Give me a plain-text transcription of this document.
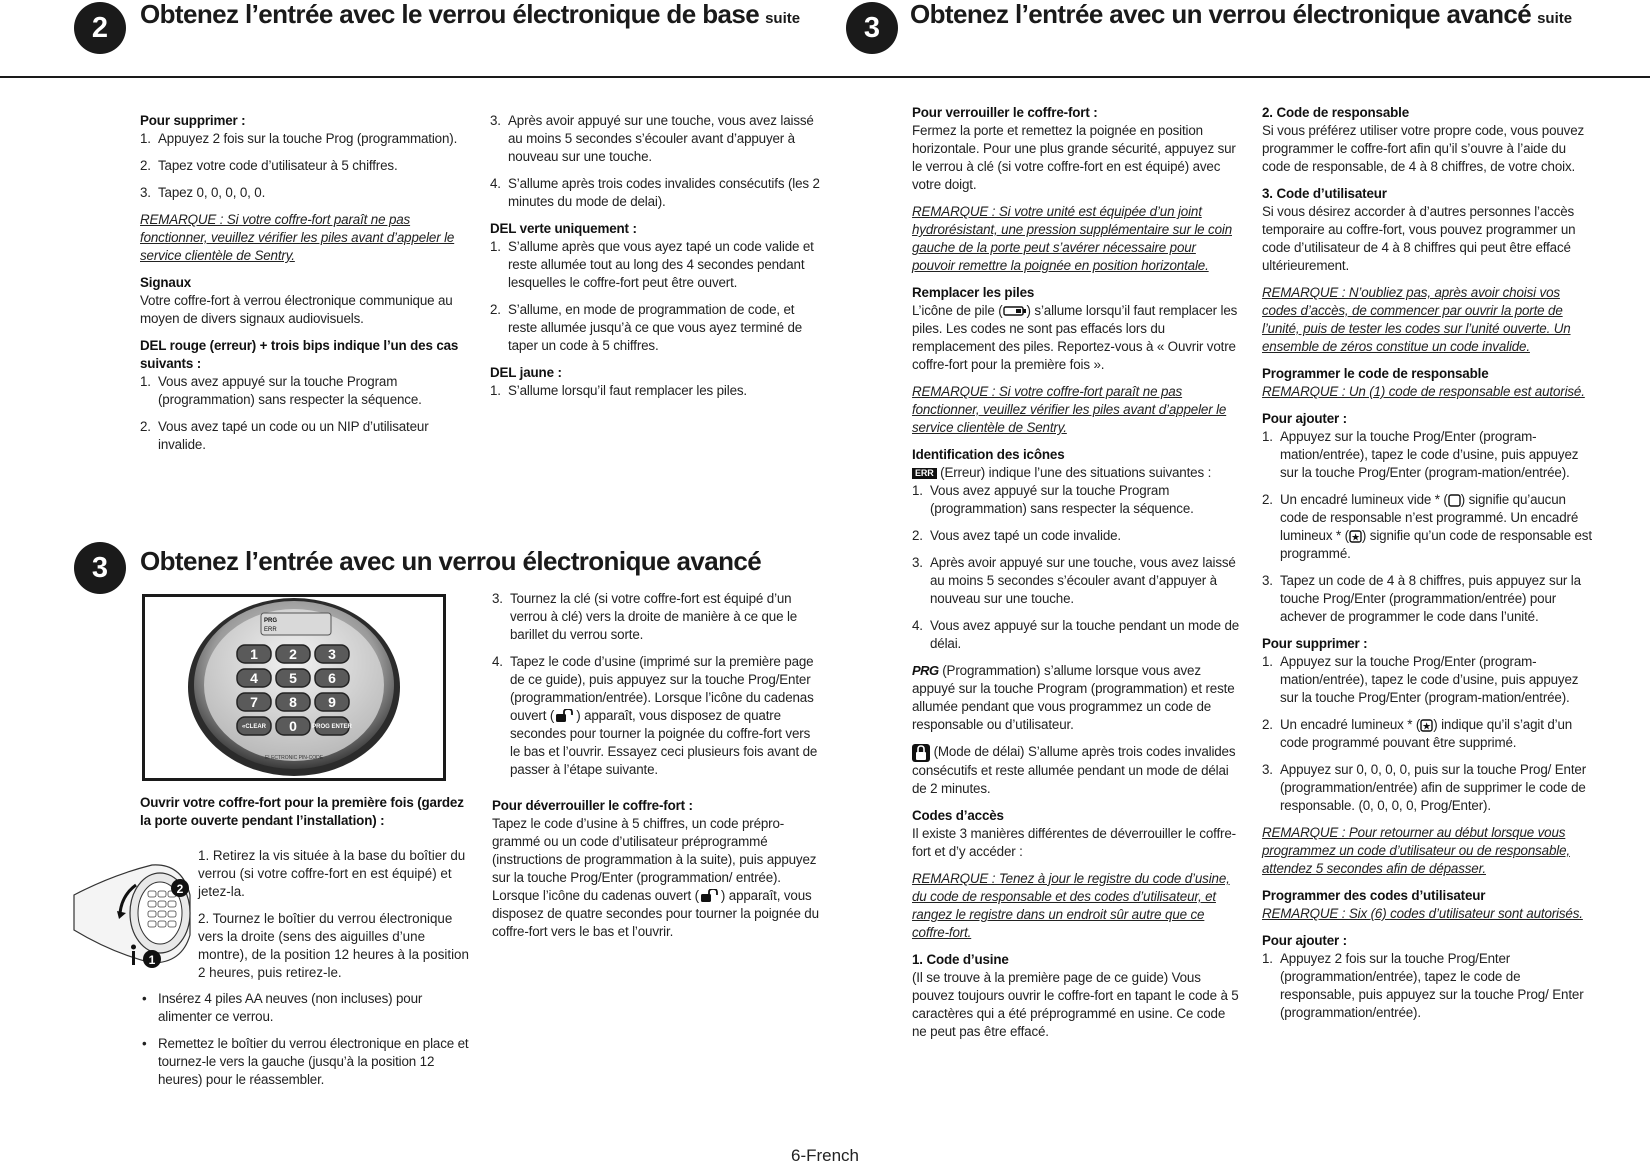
2	Obtenez l’entrée avec le verrou électronique de base suite	3	Obtenez l’entrée avec un verrou électronique avancé suite

Pour supprimer :

1. Appuyez 2 fois sur la touche Prog (programmation).
2. Tapez votre code d’utilisateur à 5 chiffres.
3. Tapez 0, 0, 0, 0, 0.

REMARQUE : Si votre coffre-fort paraît ne pas fonctionner, veuillez vérifier les piles avant d’appeler le service clientèle de Sentry.

Signaux

Votre coffre-fort à verrou électronique communique au moyen de divers signaux audiovisuels.

DEL rouge (erreur) + trois bips indique l’un des cas suivants :

1. Vous avez appuyé sur la touche Program (programmation) sans respecter la séquence.
2. Vous avez tapé un code ou un NIP d’utilisateur invalide.
3. Après avoir appuyé sur une touche, vous avez laissé au moins 5 secondes s’écouler avant d’appuyer à nouveau sur une touche.
4. S’allume après trois codes invalides consécutifs (les 2 minutes du mode de delai).

DEL verte uniquement :

1. S’allume après que vous ayez tapé un code valide et reste allumée tout au long des 4 secondes pendant lesquelles le coffre-fort peut être ouvert.
2. S’allume, en mode de programmation de code, et reste allumée jusqu’à ce que vous ayez terminé de taper un code à 5 chiffres.

DEL jaune :

1. S’allume lorsqu’il faut remplacer les piles.
3	Obtenez l’entrée avec un verrou électronique avancé
PRG
ERR
1 2 3
4 5 6
7 8 9
«CLEAR 0	PROG ENTER
ELECTRONIC PIN-CODE

Ouvrir votre coffre-fort pour la première fois (gardez la porte ouverte pendant l’installation) :

2
1

1. Retirez la vis située à la base du boîtier du verrou (si votre coffre-fort en est équipé) et jetez-la.

2. Tournez le boîtier du verrou électronique vers la droite (sens des aiguilles d’une montre), de la position 12 heures à la position 2 heures, puis retirez-le.

• Insérez 4 piles AA neuves (non incluses) pour alimenter ce verrou.
• Remettez le boîtier du verrou électronique en place et tournez-le vers la gauche (jusqu’à la position 12 heures) pour le réassembler.
3. Tournez la clé (si votre coffre-fort est équipé d’un verrou à clé) vers la droite de manière à ce que le barillet du verrou sorte.
4. Tapez le code d’usine (imprimé sur la première page de ce guide), puis appuyez sur la touche Prog/Enter (programmation/entrée). Lorsque l’icône du cadenas ouvert ( ) apparaît, vous disposez de quatre secondes pour tourner la poignée du coffre-fort vers le bas et l’ouvrir. Essayez ceci plusieurs fois avant de passer à l’étape suivante.

Pour déverrouiller le coffre-fort :

Tapez le code d’usine à 5 chiffres, un code prépro-grammé ou un code d’utilisateur préprogrammé (instructions de programmation à la suite), puis appuyez sur la touche Prog/Enter (programmation/ entrée). Lorsque l’icône du cadenas ouvert ( ) apparaît, vous disposez de quatre secondes pour tourner la poignée du coffre-fort vers le bas et l’ouvrir.

Pour verrouiller le coffre-fort :

Fermez la porte et remettez la poignée en position horizontale. Pour une plus grande sécurité, appuyez sur le verrou à clé (si votre coffre-fort en est équipé) avec votre doigt.

REMARQUE : Si votre unité est équipée d’un joint hydrorésistant, une pression supplémentaire sur le coin gauche de la porte peut s’avérer nécessaire pour pouvoir remettre la poignée en position horizontale.

Remplacer les piles

L’icône de pile ( ) s’allume lorsqu’il faut remplacer les piles. Les codes ne sont pas effacés lors du remplacement des piles. Reportez-vous à « Ouvrir votre coffre-fort pour la première fois ».

REMARQUE : Si votre coffre-fort paraît ne pas fonctionner, veuillez vérifier les piles avant d’appeler le service clientèle de Sentry.

Identification des icônes

ERR (Erreur) indique l’une des situations suivantes :

1. Vous avez appuyé sur la touche Program (programmation) sans respecter la séquence.
2. Vous avez tapé un code invalide.
3. Après avoir appuyé sur une touche, vous avez laissé au moins 5 secondes s’écouler avant d’appuyer à nouveau sur une touche.
4. Vous avez appuyé sur la touche pendant un mode de délai.

PRG (Programmation) s’allume lorsque vous avez appuyé sur la touche Program (programmation) et reste allumée pendant que vous programmez un code de responsable ou d’utilisateur.

(Mode de délai) S’allume après trois codes invalides consécutifs et reste allumée pendant un mode de délai de 2 minutes.

Codes d’accès

Il existe 3 manières différentes de déverrouiller le coffre-fort et d’y accéder :

REMARQUE : Tenez à jour le registre du code d’usine, du code de responsable et des codes d’utilisateur, et rangez le registre dans un endroit sûr autre que ce coffre-fort.

1. Code d’usine

(Il se trouve à la première page de ce guide) Vous pouvez toujours ouvrir le coffre-fort en tapant le code à 5 caractères qui a été préprogrammé en usine. Ce code ne peut pas être effacé.

2. Code de responsable

Si vous préférez utiliser votre propre code, vous pouvez programmer le coffre-fort afin qu’il s’ouvre à l’aide du code de responsable, de 4 à 8 chiffres, de votre choix.

3. Code d’utilisateur

Si vous désirez accorder à d’autres personnes l’accès temporaire au coffre-fort, vous pouvez programmer un code d’utilisateur de 4 à 8 chiffres qui peut être effacé ultérieurement.

REMARQUE : N’oubliez pas, après avoir choisi vos codes d’accès, de commencer par ouvrir la porte de l’unité, puis de tester les codes sur l’unité ouverte. Un ensemble de zéros constitue un code invalide.

Programmer le code de responsable

REMARQUE : Un (1) code de responsable est autorisé.

Pour ajouter :

1. Appuyez sur la touche Prog/Enter (program-mation/entrée), tapez le code d’usine, puis appuyez sur la touche Prog/Enter (program-mation/entrée).
2. Un encadré lumineux vide * ( ) signifie qu’aucun code de responsable n’est programmé. Un encadré lumineux * ( ★ ) signifie qu’un code de responsable est programmé.
3. Tapez un code de 4 à 8 chiffres, puis appuyez sur la touche Prog/Enter (programmation/entrée) pour achever de programmer le code dans l’unité.

Pour supprimer :

1. Appuyez sur la touche Prog/Enter (program-mation/entrée), tapez le code d’usine, puis appuyez sur la touche Prog/Enter (program-mation/entrée).
2. Un encadré lumineux * ( ★ ) indique qu’il s’agit d’un code programmé pouvant être supprimé.
3. Appuyez sur 0, 0, 0, 0, puis sur la touche Prog/ Enter (programmation/entrée) afin de supprimer le code de responsable. (0, 0, 0, 0, Prog/Enter).

REMARQUE : Pour retourner au début lorsque vous programmez un code d’utilisateur ou de responsable, attendez 5 secondes afin de dépasser.

Programmer des codes d’utilisateur

REMARQUE : Six (6) codes d’utilisateur sont autorisés.

Pour ajouter :

1. Appuyez 2 fois sur la touche Prog/Enter (programmation/entrée), tapez le code de responsable, puis appuyez sur la touche Prog/ Enter (programmation/entrée).
6-French
